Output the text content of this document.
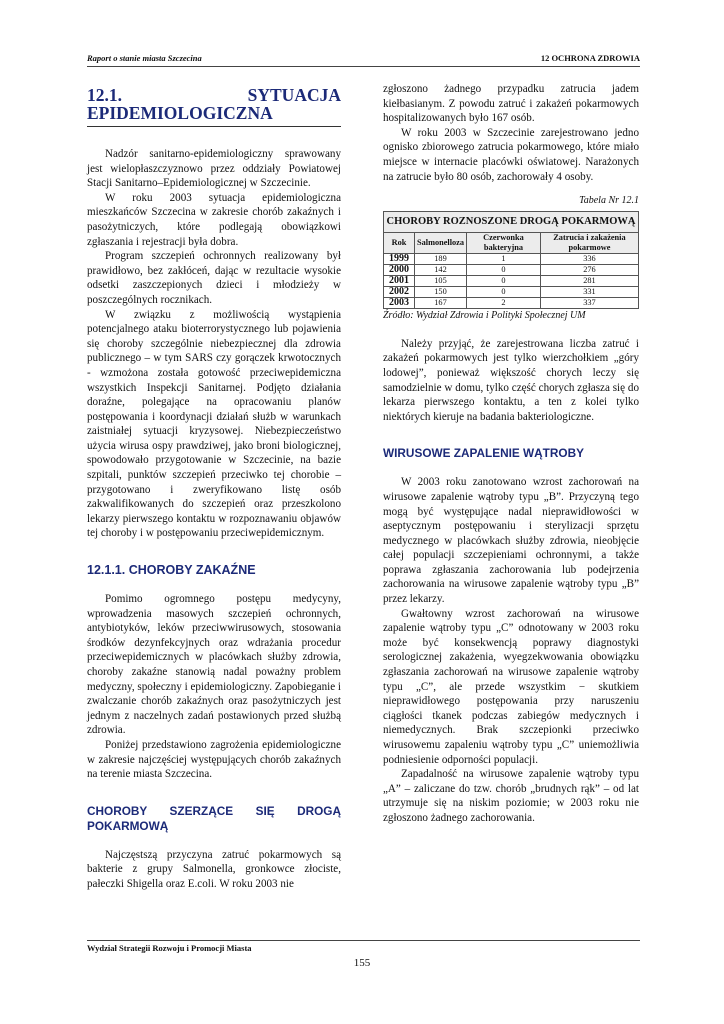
Raport o stanie miasta Szczecina	12 OCHRONA ZDROWIA
12.1. SYTUACJA EPIDEMIOLOGICZNA

Nadzór sanitarno-epidemiologiczny sprawowany jest wielopłaszczyznowo przez oddziały Powiatowej Stacji Sanitarno–Epidemiologicznej w Szczecinie.

W roku 2003 sytuacja epidemiologiczna mieszkańców Szczecina w zakresie chorób zakaźnych i pasożytniczych, które podlegają obowiązkowi zgłaszania i rejestracji była dobra.

Program szczepień ochronnych realizowany był prawidłowo, bez zakłóceń, dając w rezultacie wysokie odsetki zaszczepionych dzieci i młodzieży w poszczególnych rocznikach.

W związku z możliwością wystąpienia potencjalnego ataku bioterrorystycznego lub pojawienia się choroby szczególnie niebezpiecznej dla zdrowia publicznego – w tym SARS czy gorączek krwotocznych - wzmożona została gotowość przeciwepidemiczna wszystkich Inspekcji Sanitarnej. Podjęto działania doraźne, polegające na opracowaniu planów postępowania i koordynacji działań służb w warunkach zaistniałej sytuacji kryzysowej. Niebezpieczeństwo użycia wirusa ospy prawdziwej, jako broni biologicznej, spowodowało przygotowanie w Szczecinie, na bazie szpitali, punktów szczepień przeciwko tej chorobie – przygotowano i zweryfikowano listę osób zakwalifikowanych do szczepień oraz przeszkolono lekarzy pierwszego kontaktu w rozpoznawaniu objawów tej choroby i w postępowaniu przeciwepidemicznym.

12.1.1. CHOROBY ZAKAŹNE

Pomimo ogromnego postępu medycyny, wprowadzenia masowych szczepień ochronnych, antybiotyków, leków przeciwwirusowych, stosowania środków dezynfekcyjnych oraz wdrażania procedur przeciwepidemicznych w placówkach służby zdrowia, choroby zakaźne stanowią nadal poważny problem medyczny, społeczny i epidemiologiczny. Zapobieganie i zwalczanie chorób zakaźnych oraz pasożytniczych jest jednym z naczelnych zadań postawionych przed służbą zdrowia.

Poniżej przedstawiono zagrożenia epidemiologiczne w zakresie najczęściej występujących chorób zakaźnych na terenie miasta Szczecina.

CHOROBY SZERZĄCE SIĘ DROGĄ POKARMOWĄ

Najczęstszą przyczyna zatruć pokarmowych są bakterie z grupy Salmonella, gronkowce złociste, pałeczki Shigella oraz E.coli. W roku 2003 nie

zgłoszono żadnego przypadku zatrucia jadem kiełbasianym. Z powodu zatruć i zakażeń pokarmowych hospitalizowanych było 167 osób.

W roku 2003 w Szczecinie zarejestrowano jedno ognisko zbiorowego zatrucia pokarmowego, które miało miejsce w internacie placówki oświatowej. Narażonych na zatrucie było 80 osób, zachorowały 4 osoby.

Tabela Nr 12.1
CHOROBY ROZNOSZONE DROGĄ POKARMOWĄ			
Rok	Salmonelloza	Czerwonka bakteryjna	Zatrucia i zakażenia pokarmowe
1999	189	1	336
2000	142	0	276
2001	105	0	281
2002	150	0	331
2003	167	2	337
Źródło: Wydział Zdrowia i Polityki Społecznej UM

Należy przyjąć, że zarejestrowana liczba zatruć i zakażeń pokarmowych jest tylko wierzchołkiem „góry lodowej”, ponieważ większość chorych leczy się samodzielnie w domu, tylko część chorych zgłasza się do lekarza pierwszego kontaktu, a ten z kolei tylko niektórych kieruje na badania bakteriologiczne.

WIRUSOWE ZAPALENIE WĄTROBY

W 2003 roku zanotowano wzrost zachorowań na wirusowe zapalenie wątroby typu „B”. Przyczyną tego mogą być występujące nadal nieprawidłowości w aseptycznym postępowaniu i sterylizacji sprzętu medycznego w placówkach służby zdrowia, nieobjęcie całej populacji szczepieniami ochronnymi, a także poprawa zgłaszania zachorowania lub podejrzenia zachorowania na wirusowe zapalenie wątroby typu „B” przez lekarzy.

Gwałtowny wzrost zachorowań na wirusowe zapalenie wątroby typu „C” odnotowany w 2003 roku może być konsekwencją poprawy diagnostyki serologicznej zakażenia, wyegzekwowania obowiązku zgłaszania zachorowań na wirusowe zapalenie wątroby typu „C”, ale przede wszystkim − skutkiem nieprawidłowego postępowania przy naruszeniu ciągłości tkanek podczas zabiegów medycznych i niemedycznych. Brak szczepionki przeciwko wirusowemu zapaleniu wątroby typu „C” uniemożliwia podniesienie odporności populacji.

Zapadalność na wirusowe zapalenie wątroby typu „A” – zaliczane do tzw. chorób „brudnych rąk” – od lat utrzymuje się na niskim poziomie; w 2003 roku nie zgłoszono żadnego zachorowania.

Wydział Strategii Rozwoju i Promocji Miasta
155
